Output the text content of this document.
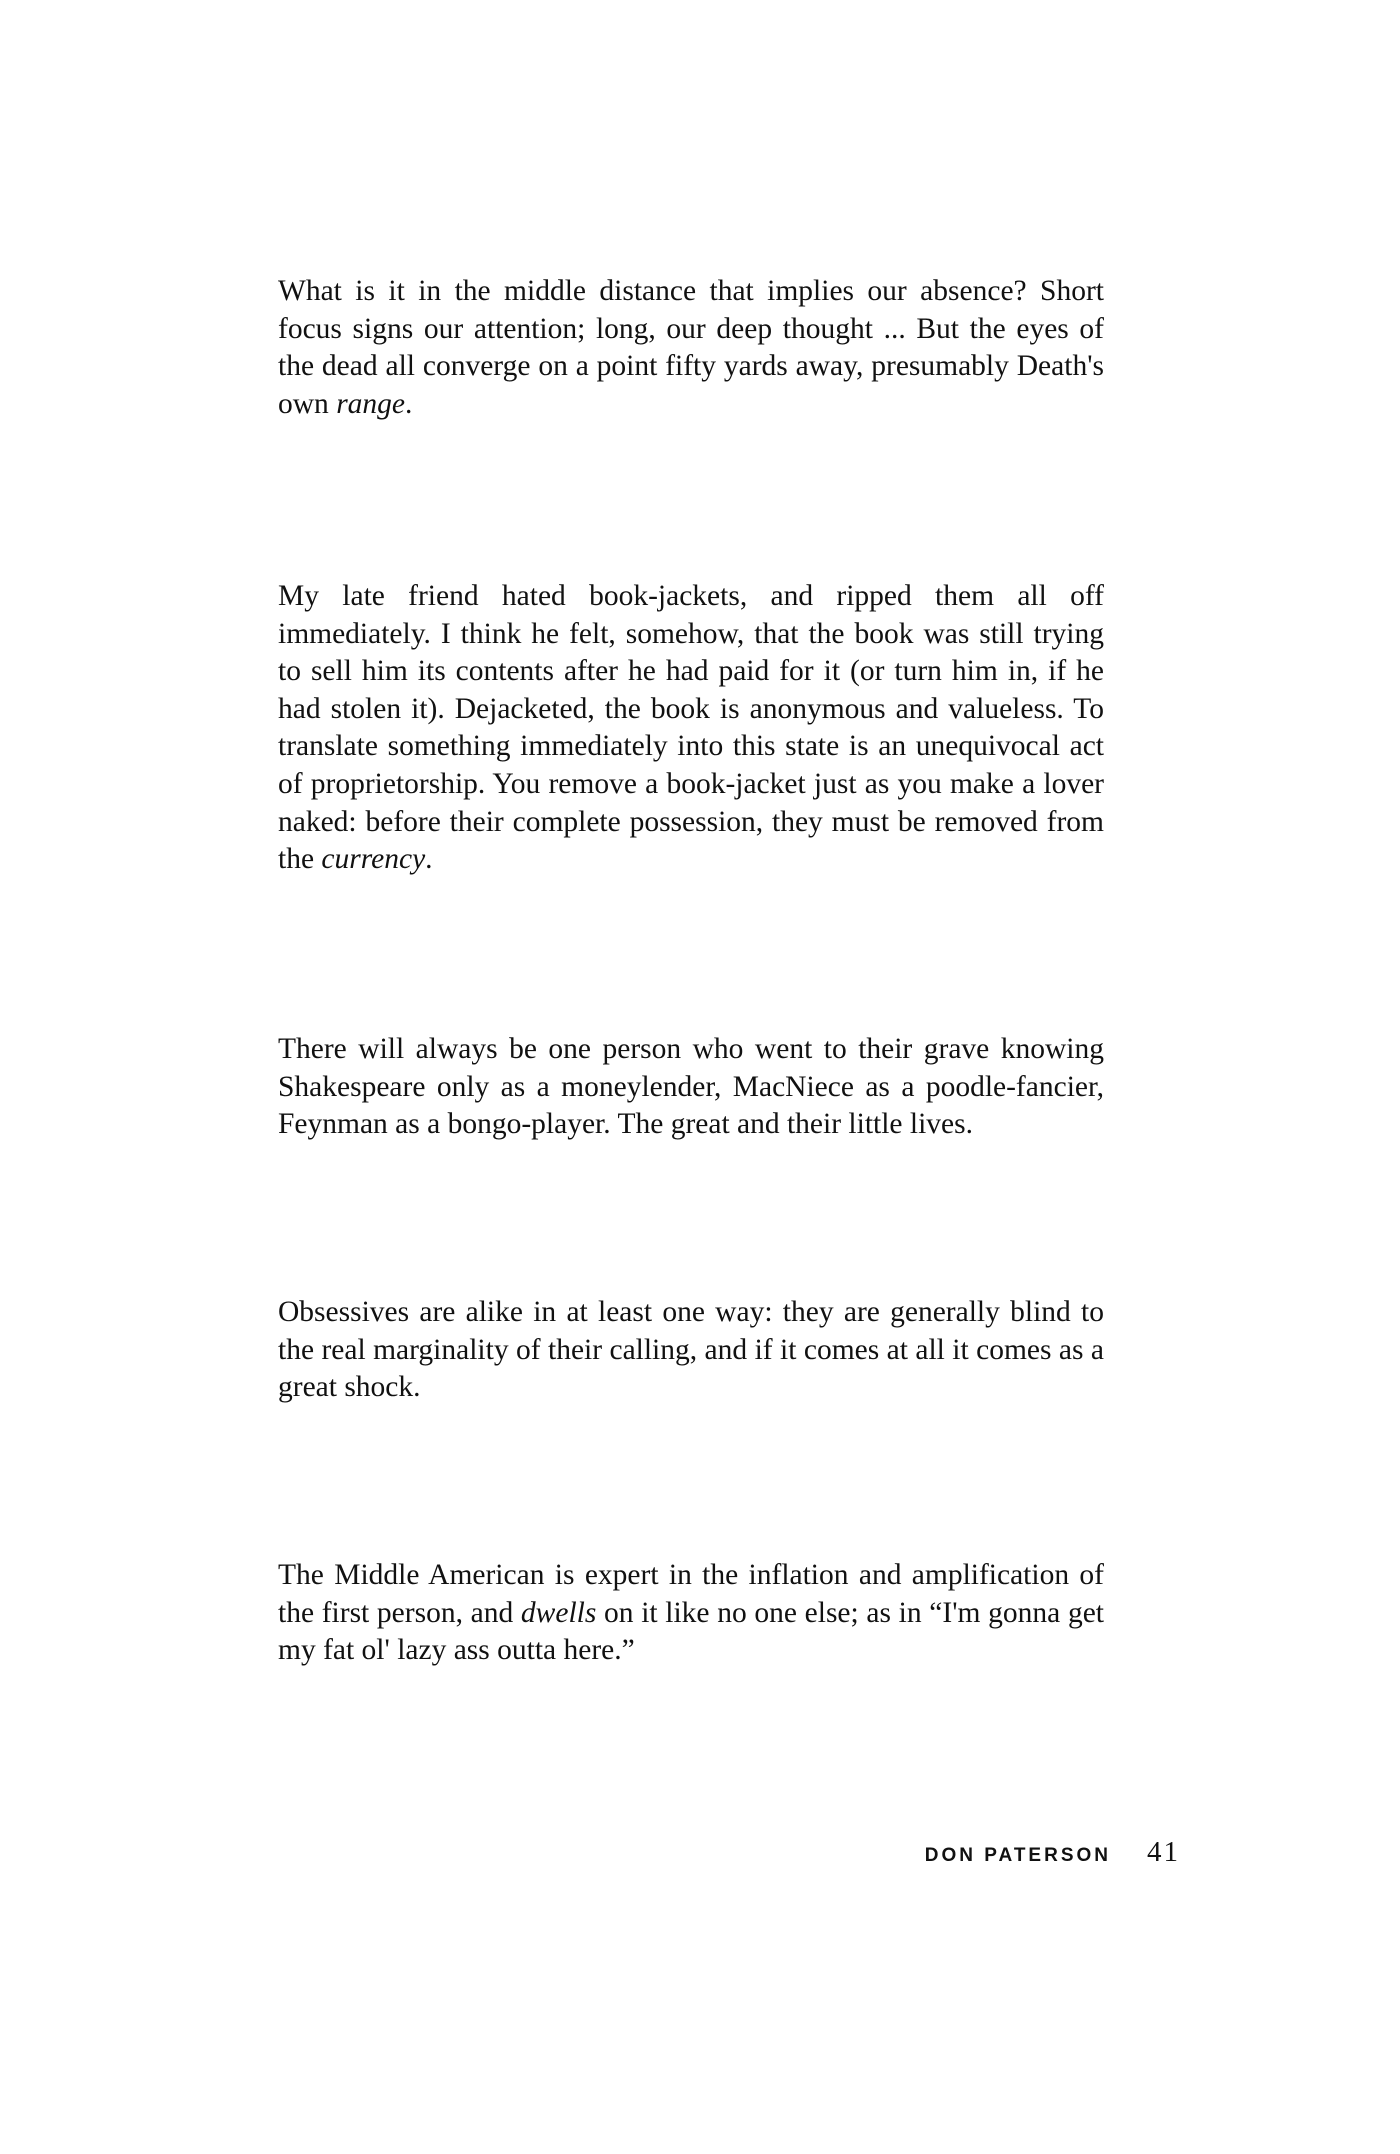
What is it in the middle distance that implies our absence? Short focus signs our attention; long, our deep thought ... But the eyes of the dead all converge on a point fifty yards away, presumably Death's own range.

My late friend hated book-jackets, and ripped them all off immediately. I think he felt, somehow, that the book was still trying to sell him its contents after he had paid for it (or turn him in, if he had stolen it). Dejacketed, the book is anonymous and valueless. To translate something immediately into this state is an unequivocal act of proprietorship. You remove a book-jacket just as you make a lover naked: before their complete possession, they must be removed from the currency.

There will always be one person who went to their grave knowing Shakespeare only as a moneylender, MacNiece as a poodle-fancier, Feynman as a bongo-player. The great and their little lives.

Obsessives are alike in at least one way: they are generally blind to the real marginality of their calling, and if it comes at all it comes as a great shock.

The Middle American is expert in the inflation and amplification of the first person, and dwells on it like no one else; as in “I'm gonna get my fat ol' lazy ass outta here.”

DON PATERSON 41
